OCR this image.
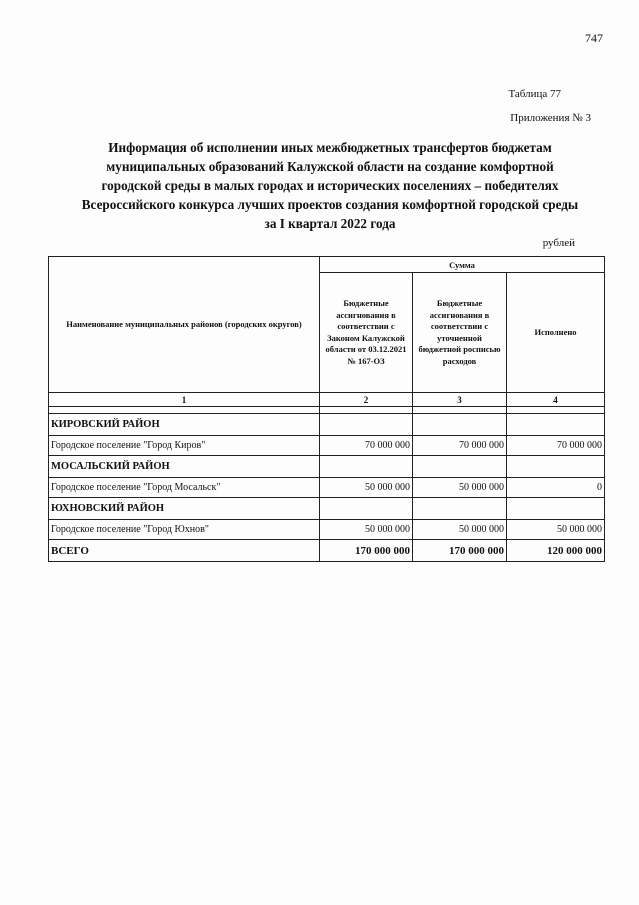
747
Таблица 77
Приложения № 3
Информация об исполнении иных межбюджетных трансфертов бюджетам
муниципальных образований Калужской области на создание комфортной
городской среды в малых городах и исторических поселениях – победителях
Всероссийского конкурса лучших проектов создания комфортной городской среды
за I квартал 2022 года
рублей
Наименование муниципальных районов (городских округов)	Сумма		
	Бюджетные ассигнования в соответствии с Законом Калужской области от 03.12.2021 № 167-ОЗ	Бюджетные ассигнования в соответствии с уточненной бюджетной росписью расходов	Исполнено
1	2	3	4

КИРОВСКИЙ РАЙОН			
Городское поселение "Город Киров"	70 000 000	70 000 000	70 000 000
МОСАЛЬСКИЙ РАЙОН			
Городское поселение "Город Мосальск"	50 000 000	50 000 000	0
ЮХНОВСКИЙ РАЙОН			
Городское поселение "Город Юхнов"	50 000 000	50 000 000	50 000 000
ВСЕГО	170 000 000	170 000 000	120 000 000
